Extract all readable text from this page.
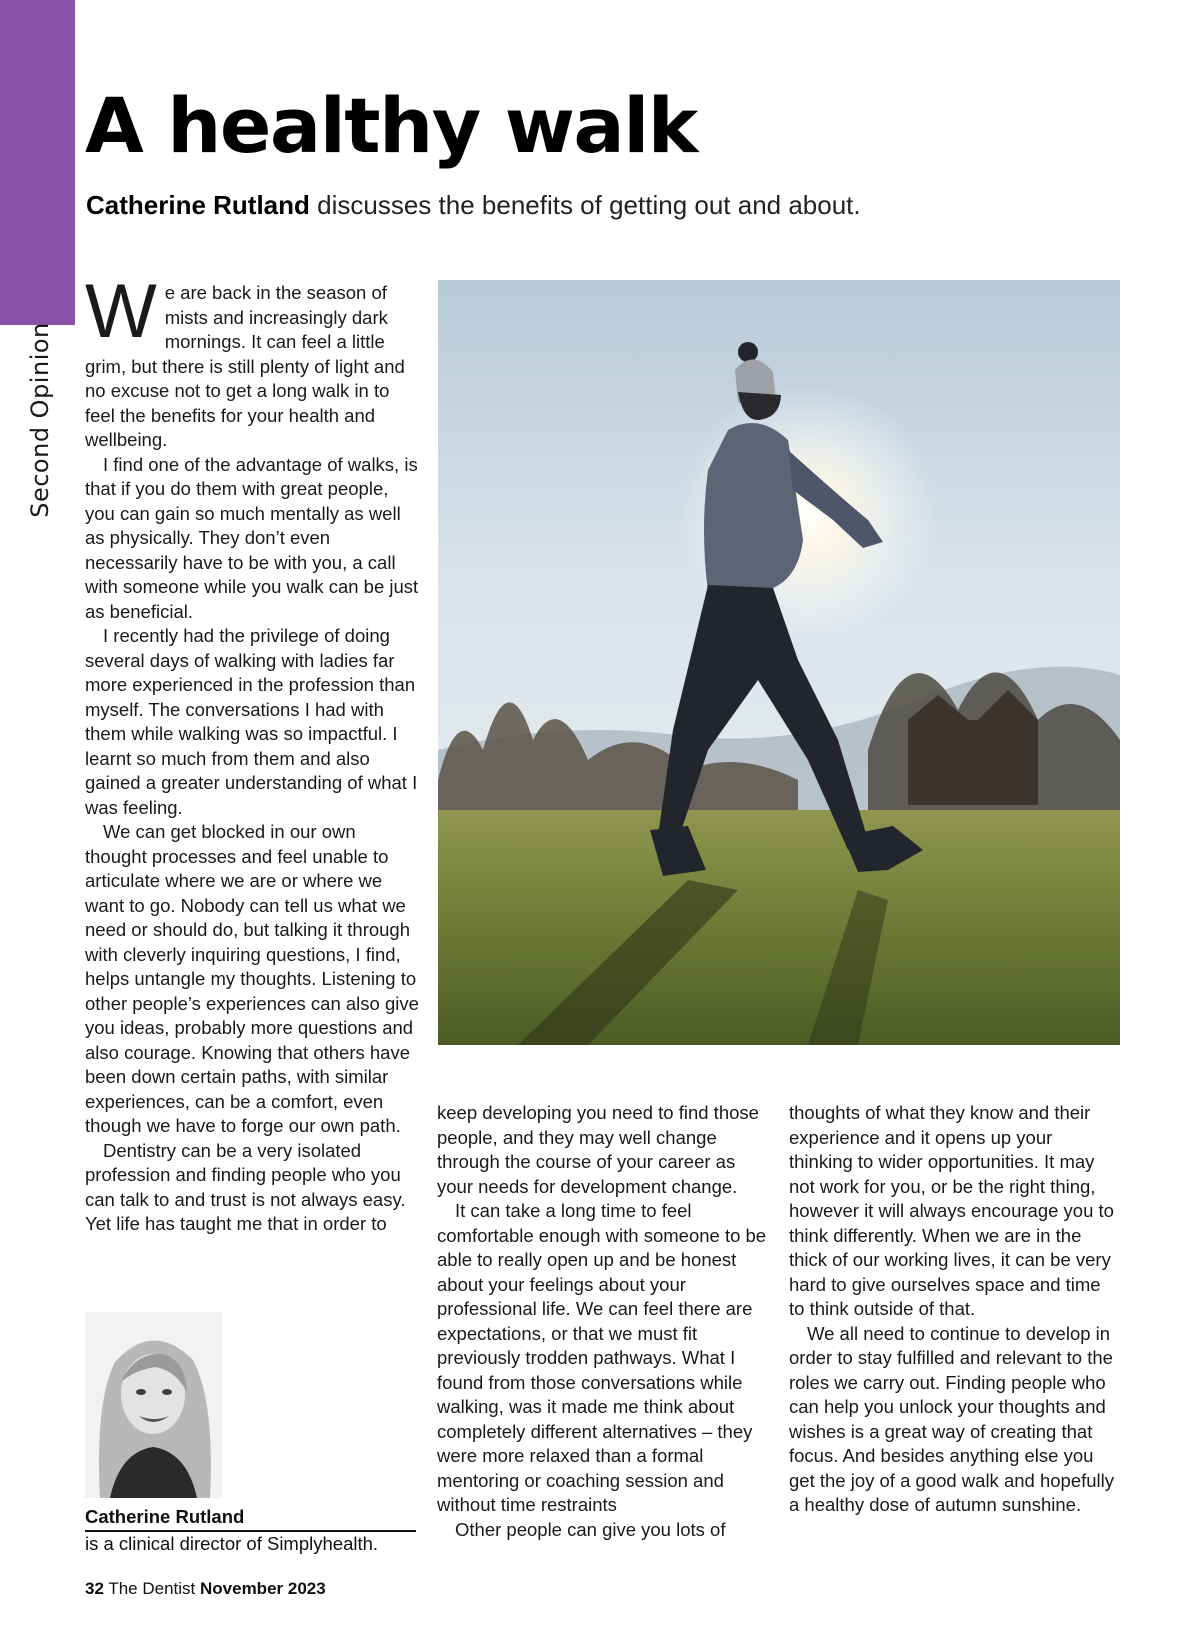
Second Opinion
A healthy walk
Catherine Rutland discusses the benefits of getting out and about.

We are back in the season of mists and increasingly dark mornings. It can feel a little grim, but there is still plenty of light and no excuse not to get a long walk in to feel the benefits for your health and wellbeing.

I find one of the advantage of walks, is that if you do them with great people, you can gain so much mentally as well as physically. They don’t even necessarily have to be with you, a call with someone while you walk can be just as beneficial.

I recently had the privilege of doing several days of walking with ladies far more experienced in the profession than myself. The conversations I had with them while walking was so impactful. I learnt so much from them and also gained a greater understanding of what I was feeling.

We can get blocked in our own thought processes and feel unable to articulate where we are or where we want to go. Nobody can tell us what we need or should do, but talking it through with cleverly inquiring questions, I find, helps untangle my thoughts. Listening to other people’s experiences can also give you ideas, probably more questions and also courage. Knowing that others have been down certain paths, with similar experiences, can be a comfort, even though we have to forge our own path.

Dentistry can be a very isolated profession and finding people who you can talk to and trust is not always easy. Yet life has taught me that in order to

keep developing you need to find those people, and they may well change through the course of your career as your needs for development change.

It can take a long time to feel comfortable enough with someone to be able to really open up and be honest about your feelings about your professional life. We can feel there are expectations, or that we must fit previously trodden pathways. What I found from those conversations while walking, was it made me think about completely different alternatives – they were more relaxed than a formal mentoring or coaching session and without time restraints

Other people can give you lots of

thoughts of what they know and their experience and it opens up your thinking to wider opportunities. It may not work for you, or be the right thing, however it will always encourage you to think differently. When we are in the thick of our working lives, it can be very hard to give ourselves space and time to think outside of that.

We all need to continue to develop in order to stay fulfilled and relevant to the roles we carry out. Finding people who can help you unlock your thoughts and wishes is a great way of creating that focus. And besides anything else you get the joy of a good walk and hopefully a healthy dose of autumn sunshine.

Catherine Rutland
is a clinical director of Simplyhealth.
32 The Dentist November 2023
